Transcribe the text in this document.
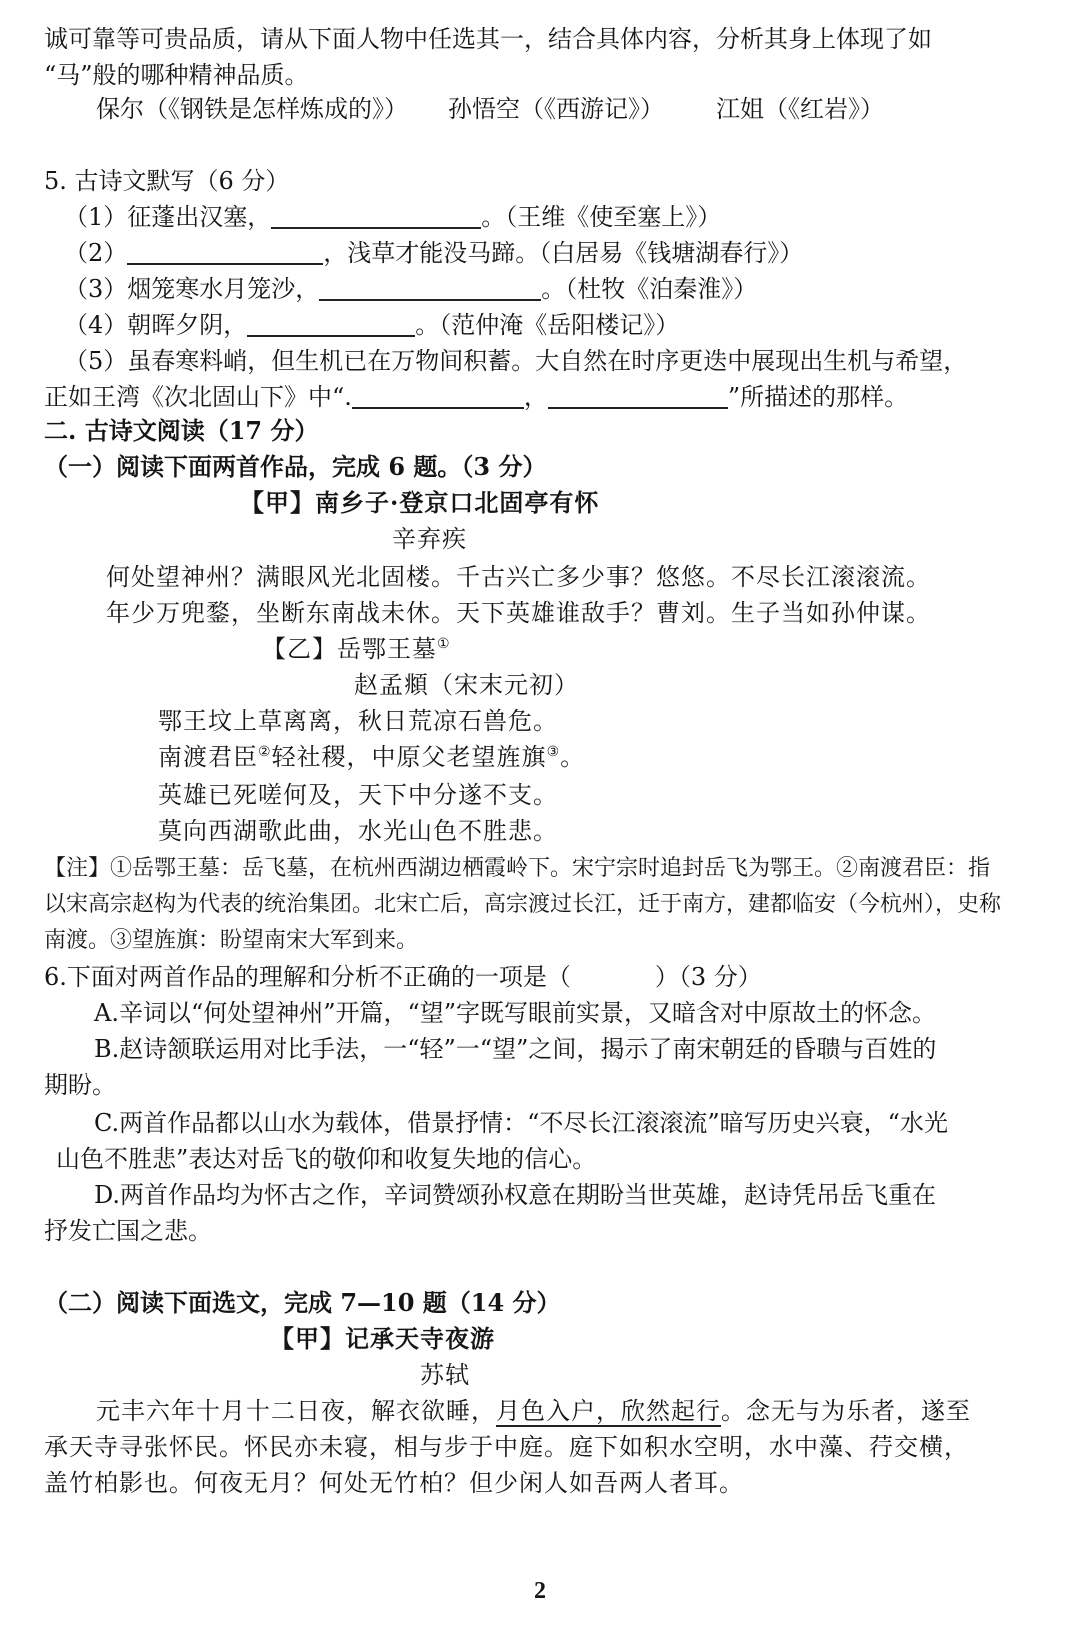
诚可靠等可贵品质，请从下面人物中任选其一，结合具体内容，分析其身上体现了如
“马”般的哪种精神品质。
保尔（《钢铁是怎样炼成的》） 孙悟空（《西游记》） 江姐（《红岩》）
5. 古诗文默写（6 分）
（1）征蓬出汉塞，	。（王维《使至塞上》）
（2）	，浅草才能没马蹄。（白居易《钱塘湖春行》）
（3）烟笼寒水月笼沙，	。（杜牧《泊秦淮》）
（4）朝晖夕阴，	。（范仲淹《岳阳楼记》）
（5）虽春寒料峭，但生机已在万物间积蓄。大自然在时序更迭中展现出生机与希望，
正如王湾《次北固山下》中“.	，	”所描述的那样。
二. 古诗文阅读（17 分）
（一）阅读下面两首作品，完成 6 题。（3 分）
【甲】南乡子·登京口北固亭有怀
辛弃疾
何处望神州？满眼风光北固楼。千古兴亡多少事？悠悠。不尽长江滚滚流。
年少万兜鍪，坐断东南战未休。天下英雄谁敌手？曹刘。生子当如孙仲谋。
【乙】岳鄂王墓①
赵孟頫（宋末元初）
鄂王坟上草离离，秋日荒凉石兽危。
南渡君臣②轻社稷，中原父老望旌旗③。
英雄已死嗟何及，天下中分遂不支。
莫向西湖歌此曲，水光山色不胜悲。
【注】①岳鄂王墓：岳飞墓，在杭州西湖边栖霞岭下。宋宁宗时追封岳飞为鄂王。②南渡君臣：指
以宋高宗赵构为代表的统治集团。北宋亡后，高宗渡过长江，迁于南方，建都临安（今杭州），史称
南渡。③望旌旗：盼望南宋大军到来。
6.下面对两首作品的理解和分析不正确的一项是（	）（3 分）
A.辛词以“何处望神州”开篇，“望”字既写眼前实景，又暗含对中原故土的怀念。
B.赵诗颔联运用对比手法，一“轻”一“望”之间，揭示了南宋朝廷的昏聩与百姓的
期盼。
C.两首作品都以山水为载体，借景抒情：“不尽长江滚滚流”暗写历史兴衰，“水光
山色不胜悲”表达对岳飞的敬仰和收复失地的信心。
D.两首作品均为怀古之作，辛词赞颂孙权意在期盼当世英雄，赵诗凭吊岳飞重在
抒发亡国之悲。
（二）阅读下面选文，完成 7—10 题（14 分）
【甲】记承天寺夜游
苏轼
元丰六年十月十二日夜，解衣欲睡，月色入户，欣然起行。念无与为乐者，遂至
承天寺寻张怀民。怀民亦未寝，相与步于中庭。庭下如积水空明，水中藻、荇交横，
盖竹柏影也。何夜无月？何处无竹柏？但少闲人如吾两人者耳。
2
